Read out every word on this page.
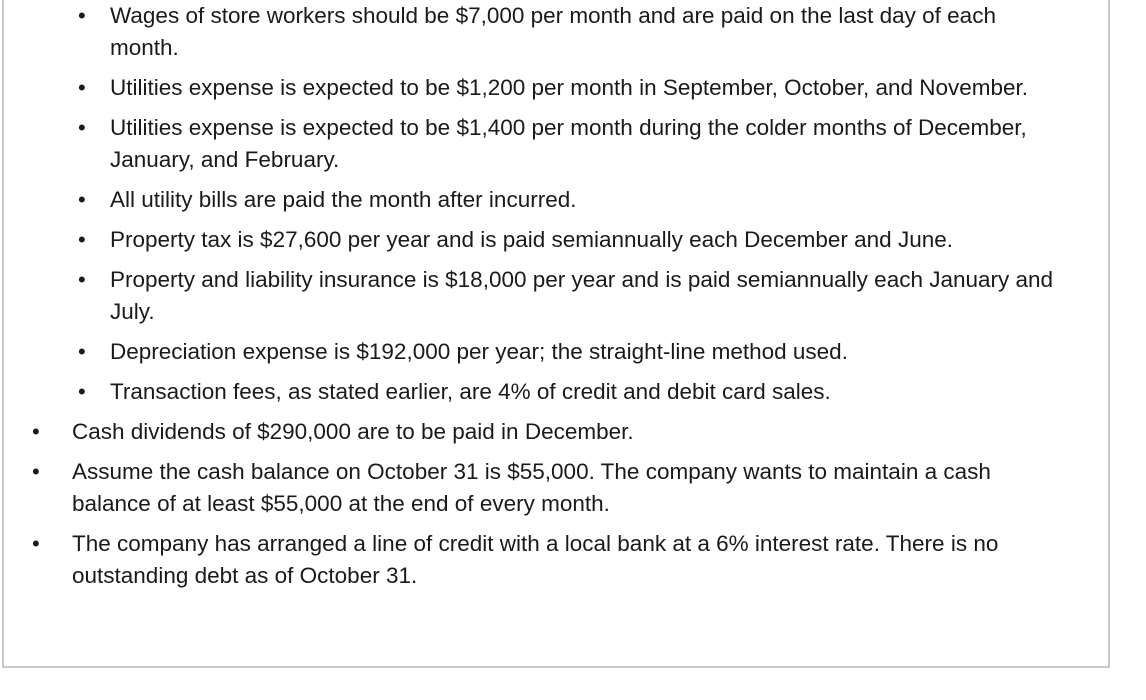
• Wages of store workers should be $7,000 per month and are paid on the last day of each month.
• Utilities expense is expected to be $1,200 per month in September, October, and November.
• Utilities expense is expected to be $1,400 per month during the colder months of December, January, and February.
• All utility bills are paid the month after incurred.
• Property tax is $27,600 per year and is paid semiannually each December and June.
• Property and liability insurance is $18,000 per year and is paid semiannually each January and July.
• Depreciation expense is $192,000 per year; the straight-line method used.
• Transaction fees, as stated earlier, are 4% of credit and debit card sales.
• Cash dividends of $290,000 are to be paid in December.
• Assume the cash balance on October 31 is $55,000. The company wants to maintain a cash balance of at least $55,000 at the end of every month.
• The company has arranged a line of credit with a local bank at a 6% interest rate. There is no outstanding debt as of October 31.
